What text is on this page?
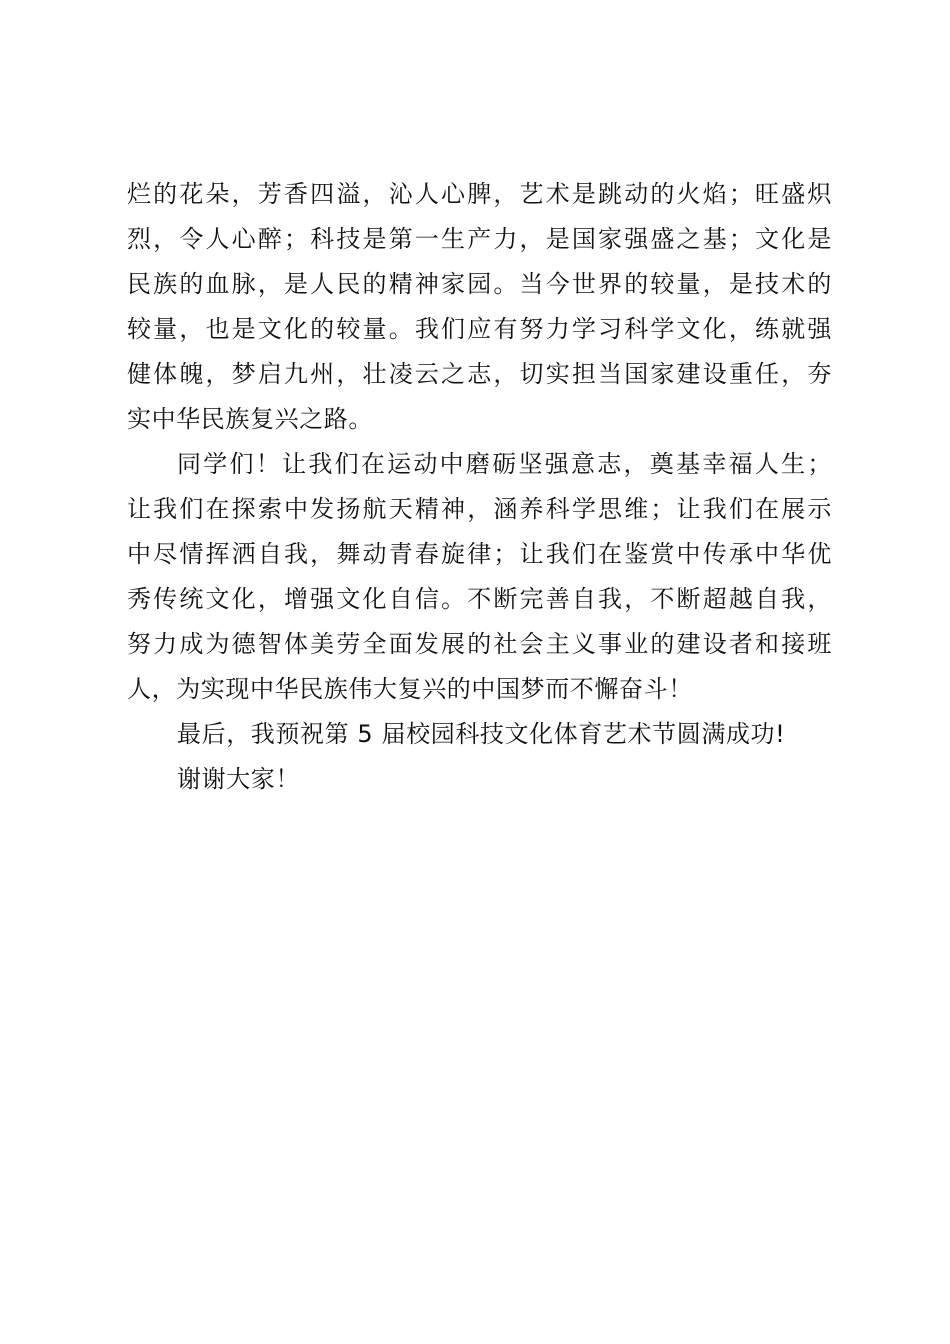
烂的花朵，芳香四溢，沁人心脾，艺术是跳动的火焰；旺盛炽
烈，令人心醉；科技是第一生产力，是国家强盛之基；文化是
民族的血脉，是人民的精神家园。当今世界的较量，是技术的
较量，也是文化的较量。我们应有努力学习科学文化，练就强
健体魄，梦启九州，壮凌云之志，切实担当国家建设重任，夯
实中华民族复兴之路。
同学们！让我们在运动中磨砺坚强意志，奠基幸福人生；
让我们在探索中发扬航天精神，涵养科学思维；让我们在展示
中尽情挥洒自我，舞动青春旋律；让我们在鉴赏中传承中华优
秀传统文化，增强文化自信。不断完善自我，不断超越自我，
努力成为德智体美劳全面发展的社会主义事业的建设者和接班
人，为实现中华民族伟大复兴的中国梦而不懈奋斗！
最后，我预祝第 5 届校园科技文化体育艺术节圆满成功!
谢谢大家！
